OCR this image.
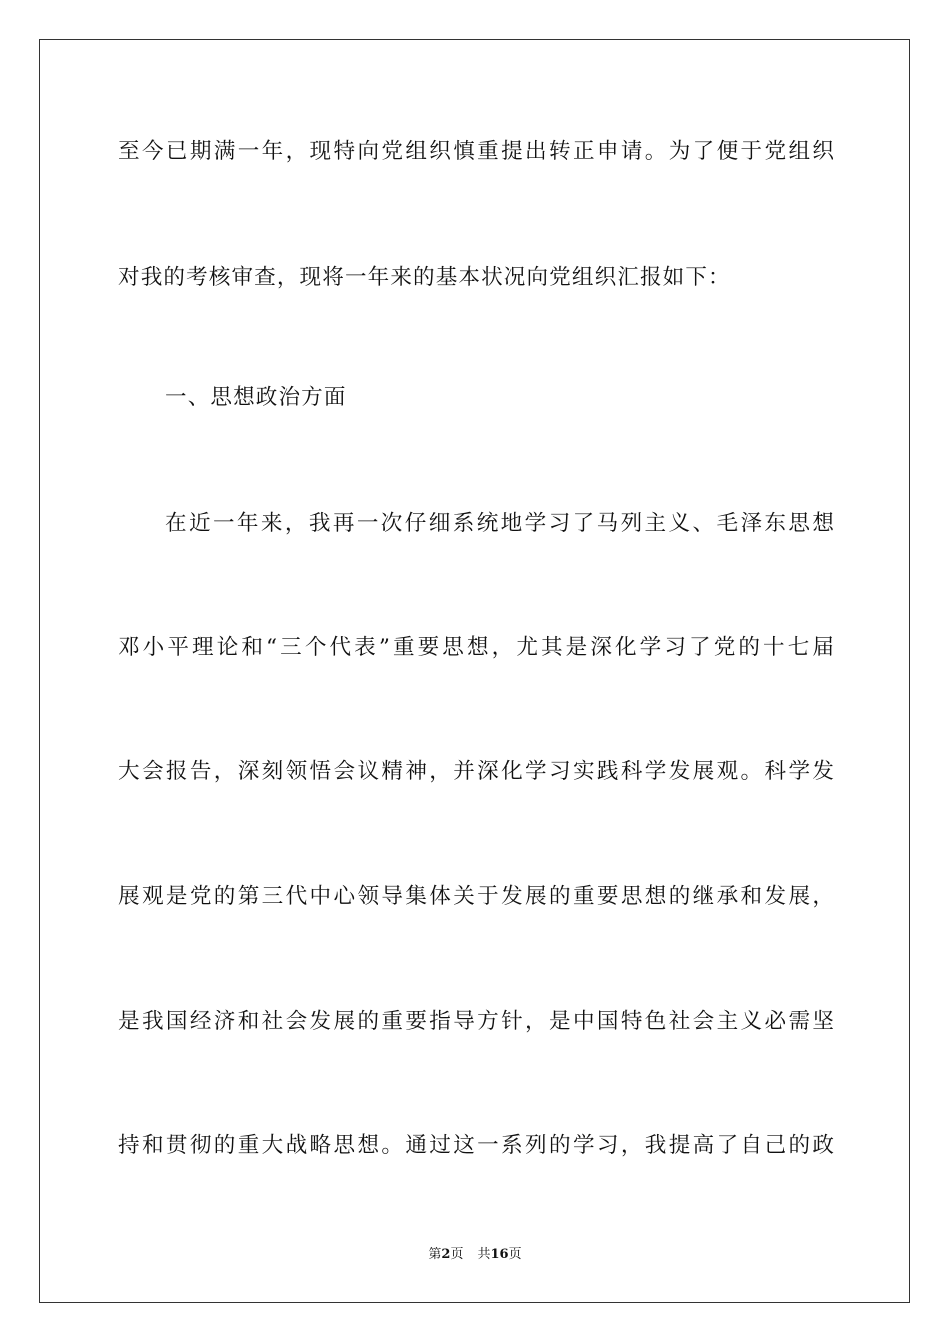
至今已期满一年，现特向党组织慎重提出转正申请。为了便于党组织
对我的考核审查，现将一年来的基本状况向党组织汇报如下：
一、思想政治方面
在近一年来，我再一次仔细系统地学习了马列主义、毛泽东思想
邓小平理论和“三个代表”重要思想，尤其是深化学习了党的十七届
大会报告，深刻领悟会议精神，并深化学习实践科学发展观。科学发
展观是党的第三代中心领导集体关于发展的重要思想的继承和发展，
是我国经济和社会发展的重要指导方针，是中国特色社会主义必需坚
持和贯彻的重大战略思想。通过这一系列的学习，我提高了自己的政
第2页 共16页
